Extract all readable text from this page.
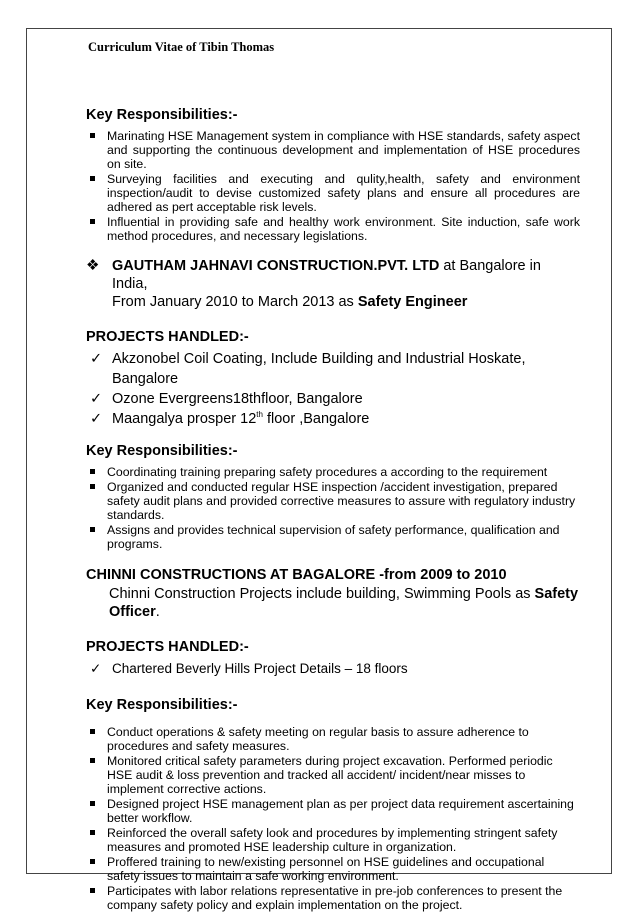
Curriculum Vitae of Tibin Thomas
Key Responsibilities:-
Marinating HSE Management system in compliance with HSE standards, safety aspect and supporting the continuous development and implementation of HSE procedures on site.
Surveying facilities and executing and qulity,health, safety and environment inspection/audit to devise customized safety plans and ensure all procedures are adhered as pert acceptable risk levels.
Influential in providing safe and healthy work environment. Site induction, safe work method procedures, and necessary legislations.
❖ GAUTHAM JAHNAVI CONSTRUCTION.PVT. LTD at Bangalore in India,
From January 2010 to March 2013 as Safety Engineer
PROJECTS HANDLED:-
✓ Akzonobel Coil Coating, Include Building and Industrial Hoskate, Bangalore
✓ Ozone Evergreens18thfloor, Bangalore
✓ Maangalya prosper 12th floor ,Bangalore
Key Responsibilities:-
Coordinating training preparing safety procedures a according to the requirement
Organized and conducted regular HSE inspection /accident investigation, prepared safety audit plans and provided corrective measures to assure with regulatory industry standards.
Assigns and provides technical supervision of safety performance, qualification and programs.
CHINNI CONSTRUCTIONS AT BAGALORE -from 2009 to 2010
Chinni Construction Projects include building, Swimming Pools as Safety Officer.
PROJECTS HANDLED:-
✓ Chartered Beverly Hills Project Details – 18 floors
Key Responsibilities:-
Conduct operations & safety meeting on regular basis to assure adherence to procedures and safety measures.
Monitored critical safety parameters during project excavation. Performed periodic HSE audit & loss prevention and tracked all accident/ incident/near misses to implement corrective actions.
Designed project HSE management plan as per project data requirement ascertaining better workflow.
Reinforced the overall safety look and procedures by implementing stringent safety measures and promoted HSE leadership culture in organization.
Proffered training to new/existing personnel on HSE guidelines and occupational safety issues to maintain a safe working environment.
Participates with labor relations representative in pre-job conferences to present the company safety policy and explain implementation on the project.
